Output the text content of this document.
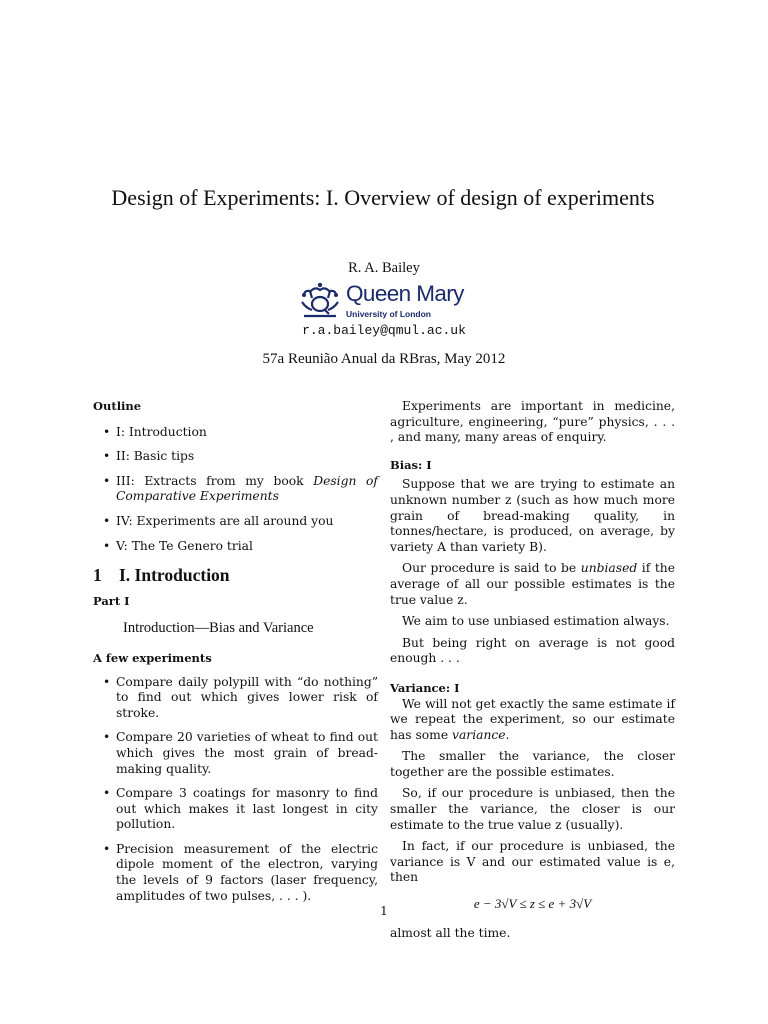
Design of Experiments: I. Overview of design of experiments
R. A. Bailey
Queen Mary
University of London
r.a.bailey@qmul.ac.uk
57a Reunião Anual da RBras, May 2012
Outline
• I: Introduction
• II: Basic tips
• III: Extracts from my book Design of Comparative Experiments
• IV: Experiments are all around you
• V: The Te Genero trial
1 I. Introduction
Part I
Introduction—Bias and Variance
A few experiments
• Compare daily polypill with “do nothing” to find out which gives lower risk of stroke.
• Compare 20 varieties of wheat to find out which gives the most grain of bread-making quality.
• Compare 3 coatings for masonry to find out which makes it last longest in city pollution.
• Precision measurement of the electric dipole moment of the electron, varying the levels of 9 factors (laser frequency, amplitudes of two pulses, . . . ).
Experiments are important in medicine, agriculture, engineering, “pure” physics, . . . , and many, many areas of enquiry.
Bias: I
Suppose that we are trying to estimate an unknown number z (such as how much more grain of bread-making quality, in tonnes/hectare, is produced, on average, by variety A than variety B).
Our procedure is said to be unbiased if the average of all our possible estimates is the true value z.
We aim to use unbiased estimation always.
But being right on average is not good enough . . .
Variance: I
We will not get exactly the same estimate if we repeat the experiment, so our estimate has some variance.
The smaller the variance, the closer together are the possible estimates.
So, if our procedure is unbiased, then the smaller the variance, the closer is our estimate to the true value z (usually).
In fact, if our procedure is unbiased, the variance is V and our estimated value is e, then
e − 3√V ≤ z ≤ e + 3√V
almost all the time.
1
